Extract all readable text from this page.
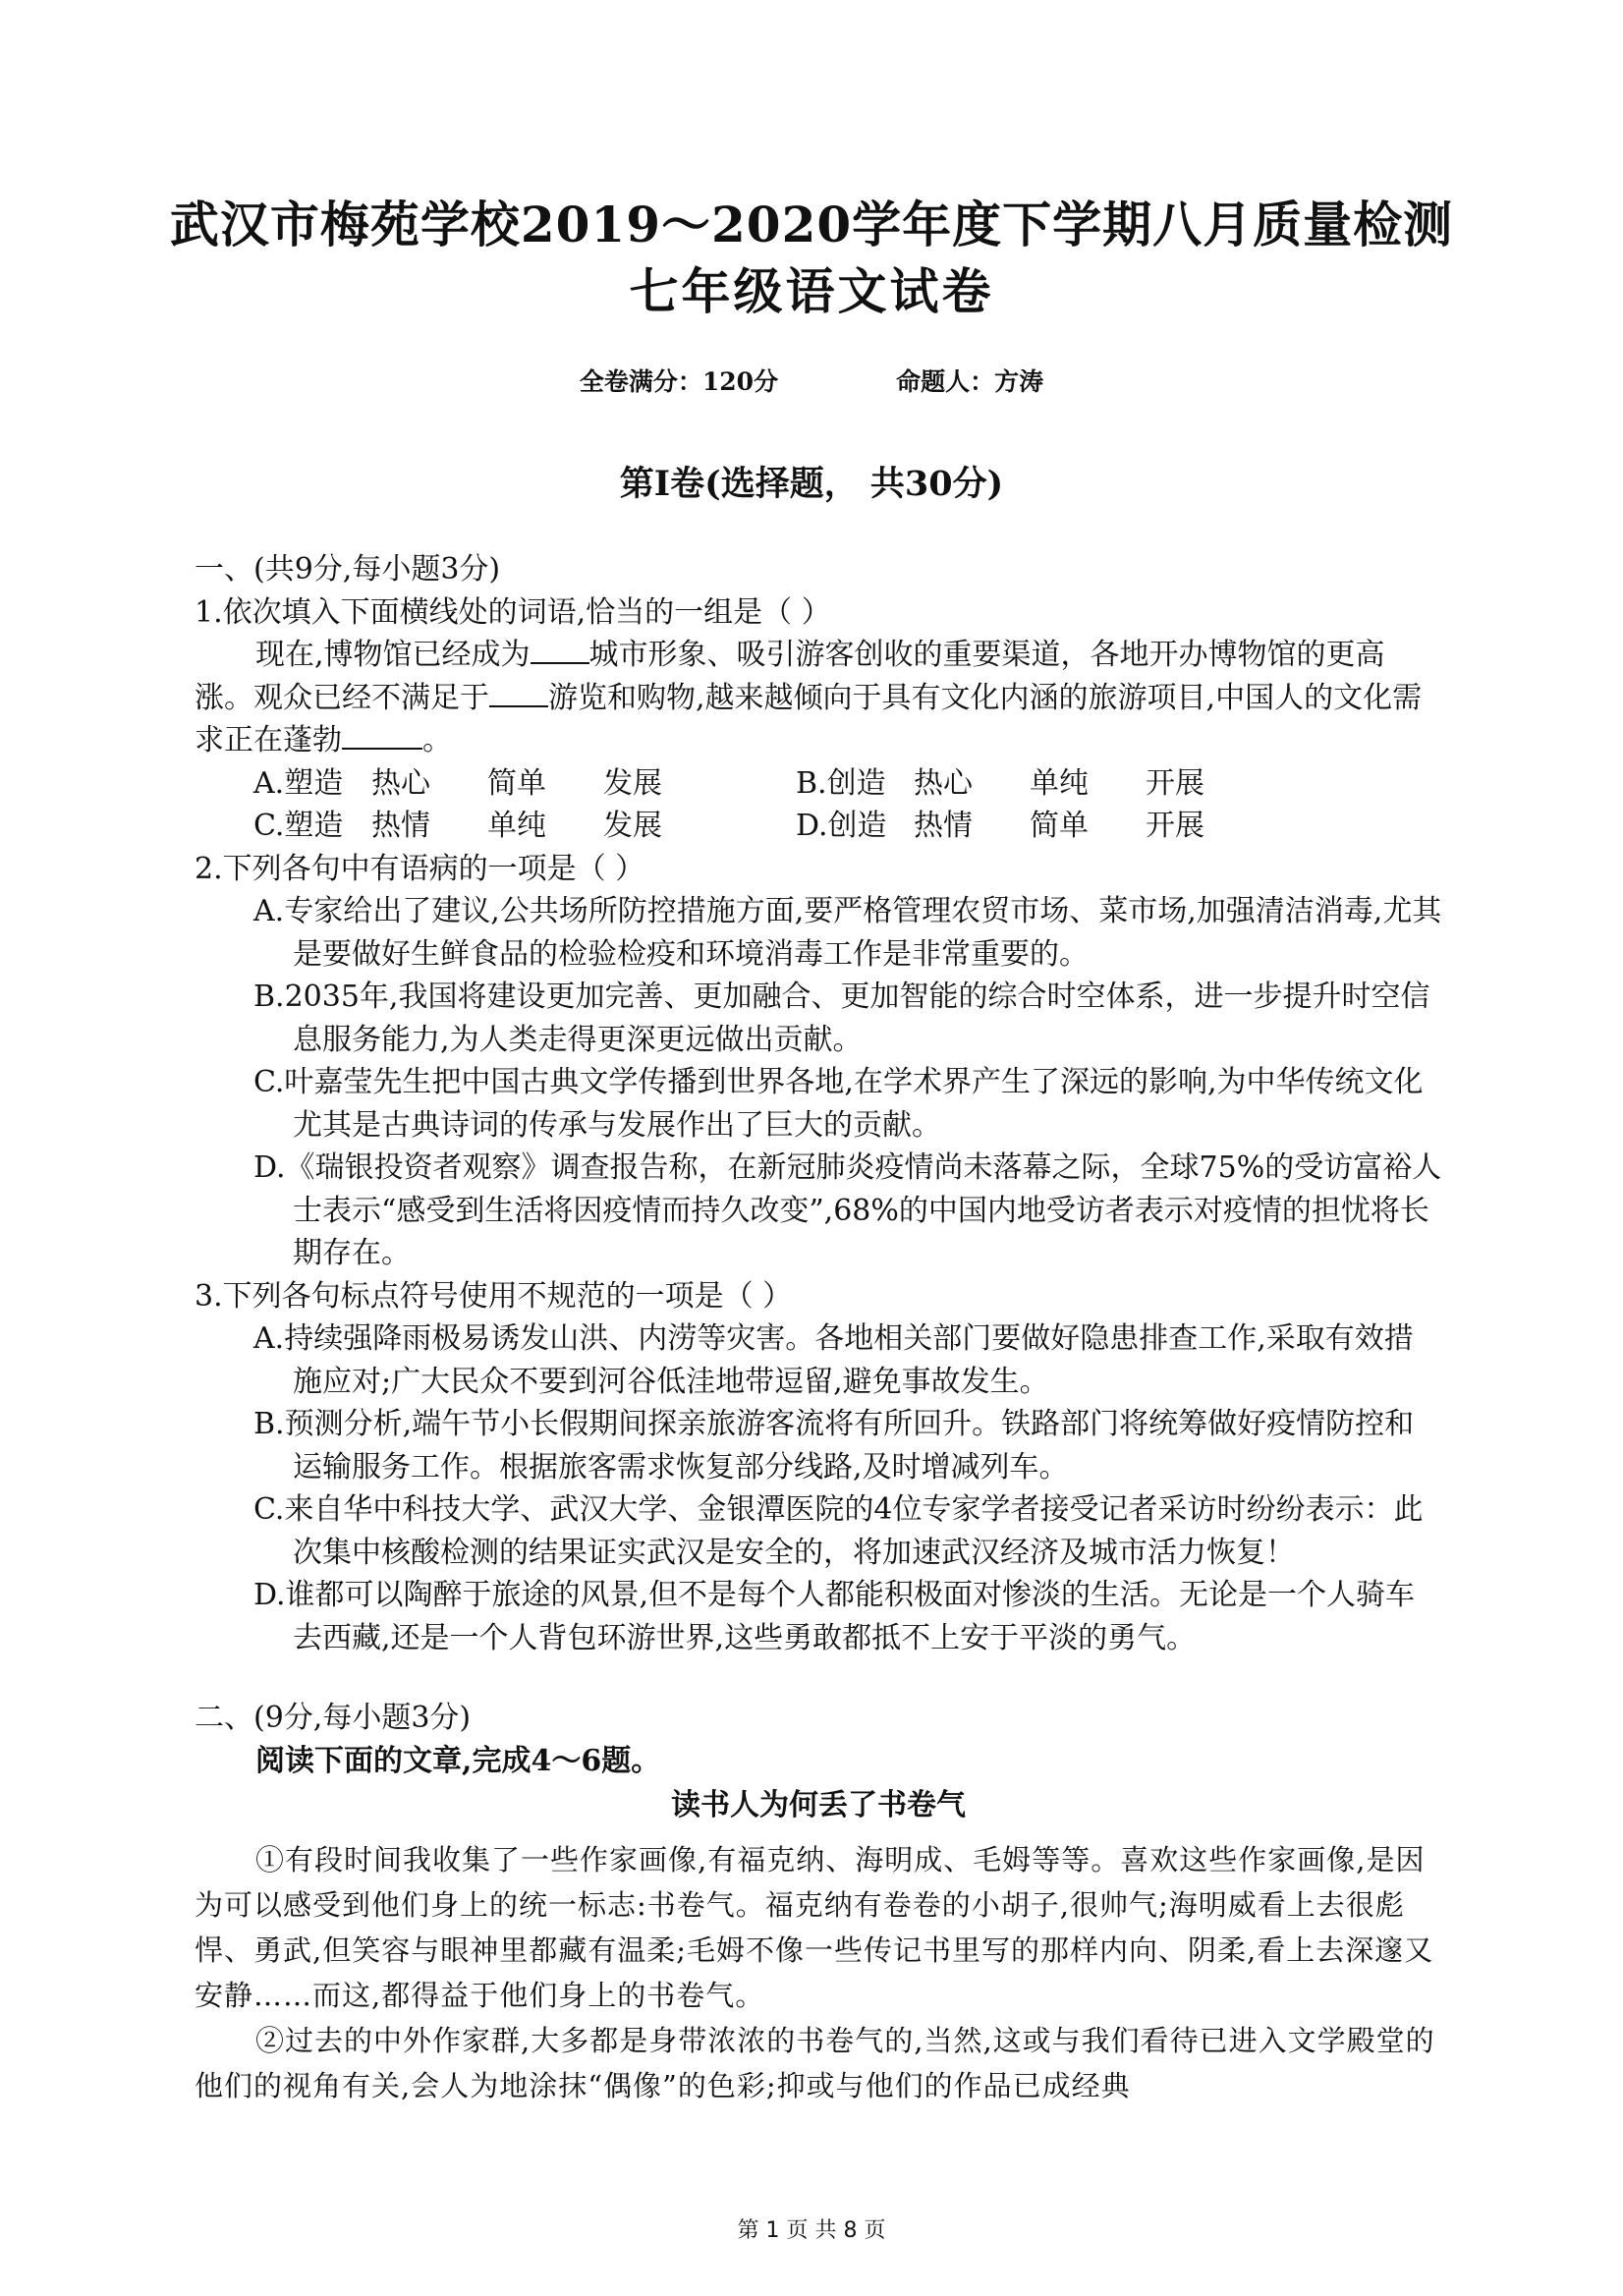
武汉市梅苑学校2019～2020学年度下学期八月质量检测
七年级语文试卷
全卷满分：120分	命题人：方涛
第Ⅰ卷(选择题， 共30分)

一、(共9分,每小题3分)

1.依次填入下面横线处的词语,恰当的一组是（ ）

现在,博物馆已经成为 城市形象、吸引游客创收的重要渠道，各地开办博物馆的更高涨。观众已经不满足于 游览和购物,越来越倾向于具有文化内涵的旅游项目,中国人的文化需求正在蓬勃	。

A.塑造 热心 简单 发展	B.创造 热心 单纯 开展

C.塑造 热情 单纯 发展	D.创造 热情 简单 开展

2.下列各句中有语病的一项是（ ）

A.专家给出了建议,公共场所防控措施方面,要严格管理农贸市场、菜市场,加强清洁消毒,尤其是要做好生鲜食品的检验检疫和环境消毒工作是非常重要的。

B.2035年,我国将建设更加完善、更加融合、更加智能的综合时空体系，进一步提升时空信息服务能力,为人类走得更深更远做出贡献。

C.叶嘉莹先生把中国古典文学传播到世界各地,在学术界产生了深远的影响,为中华传统文化尤其是古典诗词的传承与发展作出了巨大的贡献。

D.《瑞银投资者观察》调查报告称，在新冠肺炎疫情尚未落幕之际，全球75%的受访富裕人士表示“感受到生活将因疫情而持久改变”,68%的中国内地受访者表示对疫情的担忧将长期存在。

3.下列各句标点符号使用不规范的一项是（ ）

A.持续强降雨极易诱发山洪、内涝等灾害。各地相关部门要做好隐患排查工作,采取有效措施应对;广大民众不要到河谷低洼地带逗留,避免事故发生。

B.预测分析,端午节小长假期间探亲旅游客流将有所回升。铁路部门将统筹做好疫情防控和运输服务工作。根据旅客需求恢复部分线路,及时增减列车。

C.来自华中科技大学、武汉大学、金银潭医院的4位专家学者接受记者采访时纷纷表示：此次集中核酸检测的结果证实武汉是安全的，将加速武汉经济及城市活力恢复！

D.谁都可以陶醉于旅途的风景,但不是每个人都能积极面对惨淡的生活。无论是一个人骑车去西藏,还是一个人背包环游世界,这些勇敢都抵不上安于平淡的勇气。

二、(9分,每小题3分)

阅读下面的文章,完成4～6题。

读书人为何丢了书卷气

①有段时间我收集了一些作家画像,有福克纳、海明成、毛姆等等。喜欢这些作家画像,是因为可以感受到他们身上的统一标志:书卷气。福克纳有卷卷的小胡子,很帅气;海明威看上去很彪悍、勇武,但笑容与眼神里都藏有温柔;毛姆不像一些传记书里写的那样内向、阴柔,看上去深邃又安静……而这,都得益于他们身上的书卷气。

②过去的中外作家群,大多都是身带浓浓的书卷气的,当然,这或与我们看待已进入文学殿堂的他们的视角有关,会人为地涂抹“偶像”的色彩;抑或与他们的作品已成经典

第 1 页 共 8 页
